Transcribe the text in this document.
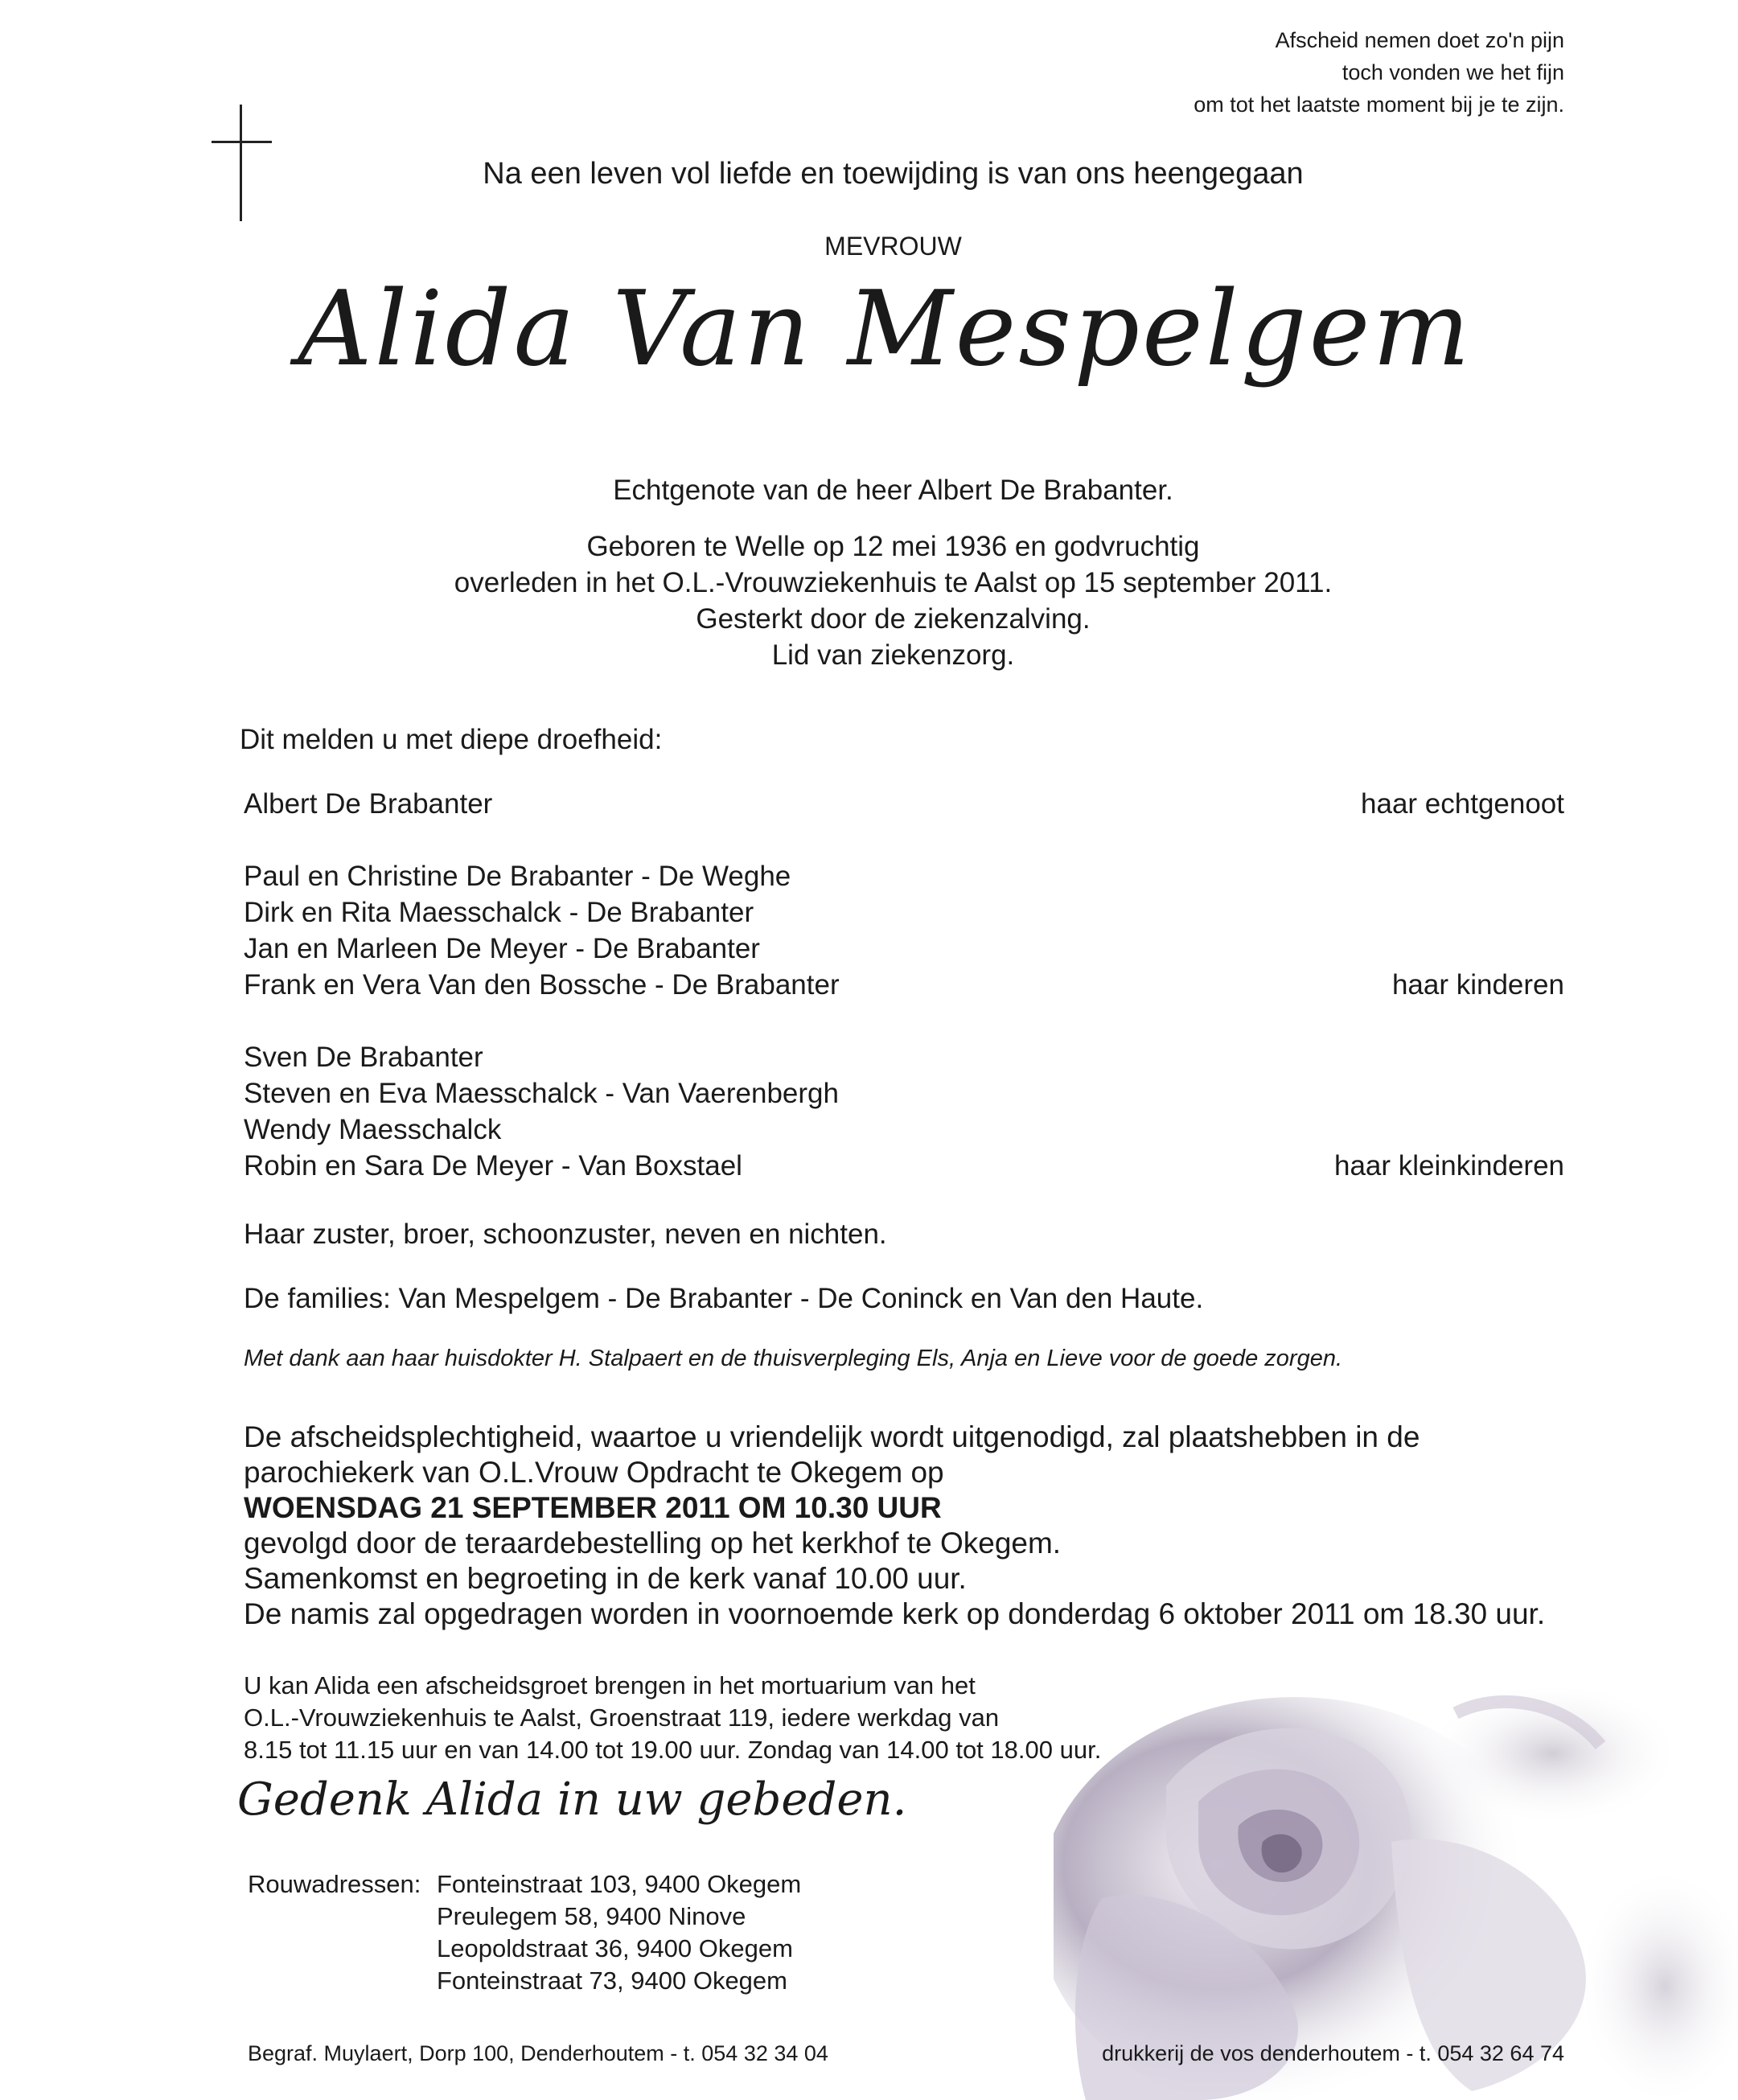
Afscheid nemen doet zo'n pijn
toch vonden we het fijn
om tot het laatste moment bij je te zijn.
Na een leven vol liefde en toewijding is van ons heengegaan
MEVROUW
Alida Van Mespelgem
Echtgenote van de heer Albert De Brabanter.
Geboren te Welle op 12 mei 1936 en godvruchtig
overleden in het O.L.-Vrouwziekenhuis te Aalst op 15 september 2011.
Gesterkt door de ziekenzalving.
Lid van ziekenzorg.
Dit melden u met diepe droefheid:
Albert De Brabanter	haar echtgenoot
Paul en Christine De Brabanter - De Weghe
Dirk en Rita Maesschalck - De Brabanter
Jan en Marleen De Meyer - De Brabanter
Frank en Vera Van den Bossche - De Brabanter	haar kinderen
Sven De Brabanter
Steven en Eva Maesschalck - Van Vaerenbergh
Wendy Maesschalck
Robin en Sara De Meyer - Van Boxstael	haar kleinkinderen
Haar zuster, broer, schoonzuster, neven en nichten.
De families: Van Mespelgem - De Brabanter - De Coninck en Van den Haute.
Met dank aan haar huisdokter H. Stalpaert en de thuisverpleging Els, Anja en Lieve voor de goede zorgen.
De afscheidsplechtigheid, waartoe u vriendelijk wordt uitgenodigd, zal plaatshebben in de
parochiekerk van O.L.Vrouw Opdracht te Okegem op
WOENSDAG 21 SEPTEMBER 2011 OM 10.30 UUR
gevolgd door de teraardebestelling op het kerkhof te Okegem.
Samenkomst en begroeting in de kerk vanaf 10.00 uur.
De namis zal opgedragen worden in voornoemde kerk op donderdag 6 oktober 2011 om 18.30 uur.
U kan Alida een afscheidsgroet brengen in het mortuarium van het
O.L.-Vrouwziekenhuis te Aalst, Groenstraat 119, iedere werkdag van
8.15 tot 11.15 uur en van 14.00 tot 19.00 uur. Zondag van 14.00 tot 18.00 uur.
Gedenk Alida in uw gebeden.
Rouwadressen: Fonteinstraat 103, 9400 Okegem
Preulegem 58, 9400 Ninove
Leopoldstraat 36, 9400 Okegem
Fonteinstraat 73, 9400 Okegem
Begraf. Muylaert, Dorp 100, Denderhoutem - t. 054 32 34 04	drukkerij de vos denderhoutem - t. 054 32 64 74
